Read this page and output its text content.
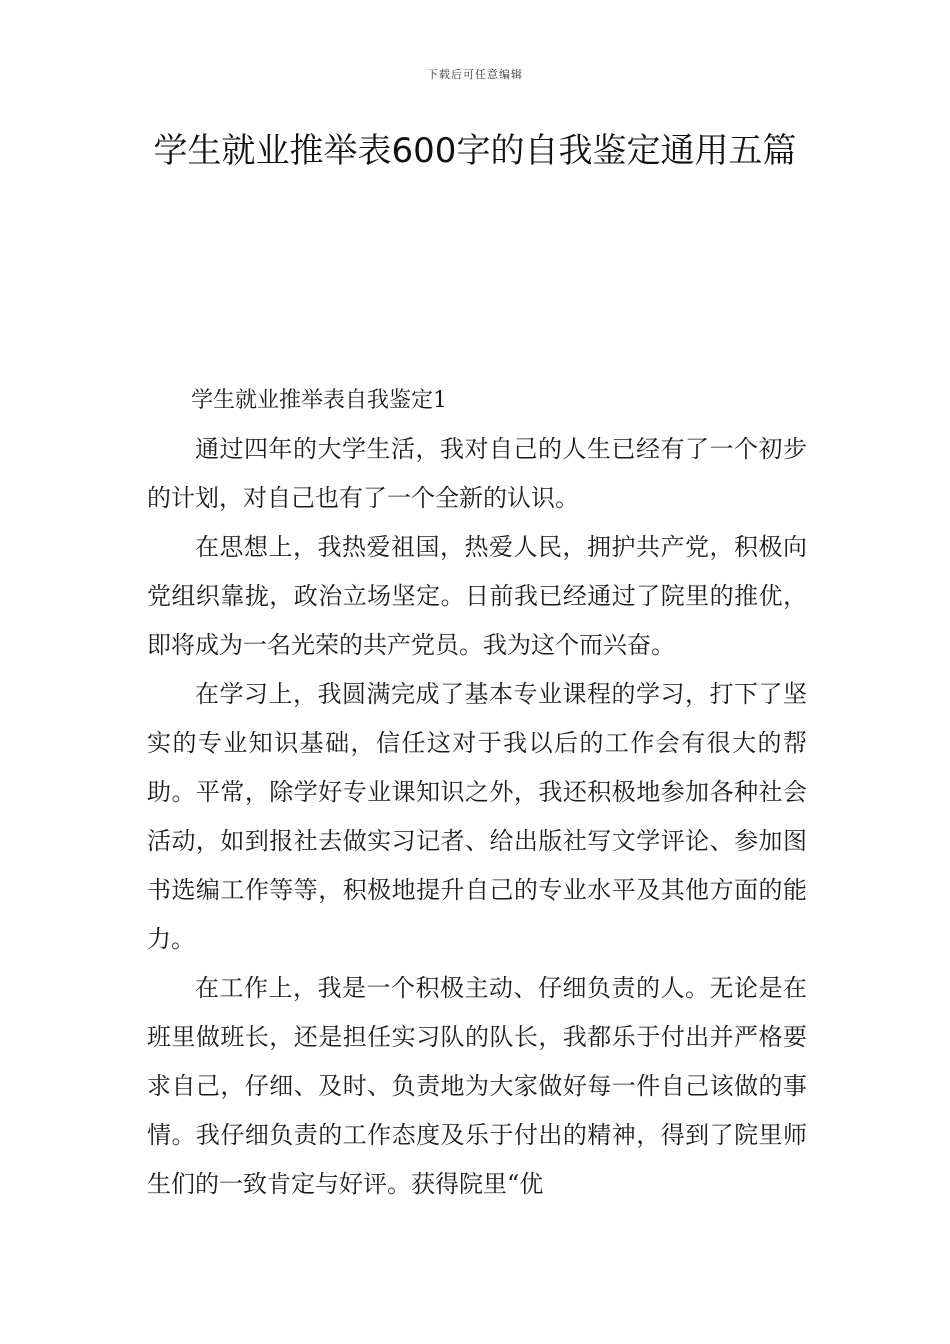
下载后可任意编辑
学生就业推举表600字的自我鉴定通用五篇

学生就业推举表自我鉴定1

通过四年的大学生活，我对自己的人生已经有了一个初步的计划，对自己也有了一个全新的认识。

在思想上，我热爱祖国，热爱人民，拥护共产党，积极向党组织靠拢，政治立场坚定。日前我已经通过了院里的推优，即将成为一名光荣的共产党员。我为这个而兴奋。

在学习上，我圆满完成了基本专业课程的学习，打下了坚实的专业知识基础，信任这对于我以后的工作会有很大的帮助。平常，除学好专业课知识之外，我还积极地参加各种社会活动，如到报社去做实习记者、给出版社写文学评论、参加图书选编工作等等，积极地提升自己的专业水平及其他方面的能力。

在工作上，我是一个积极主动、仔细负责的人。无论是在班里做班长，还是担任实习队的队长，我都乐于付出并严格要求自己，仔细、及时、负责地为大家做好每一件自己该做的事情。我仔细负责的工作态度及乐于付出的精神，得到了院里师生们的一致肯定与好评。获得院里“优
